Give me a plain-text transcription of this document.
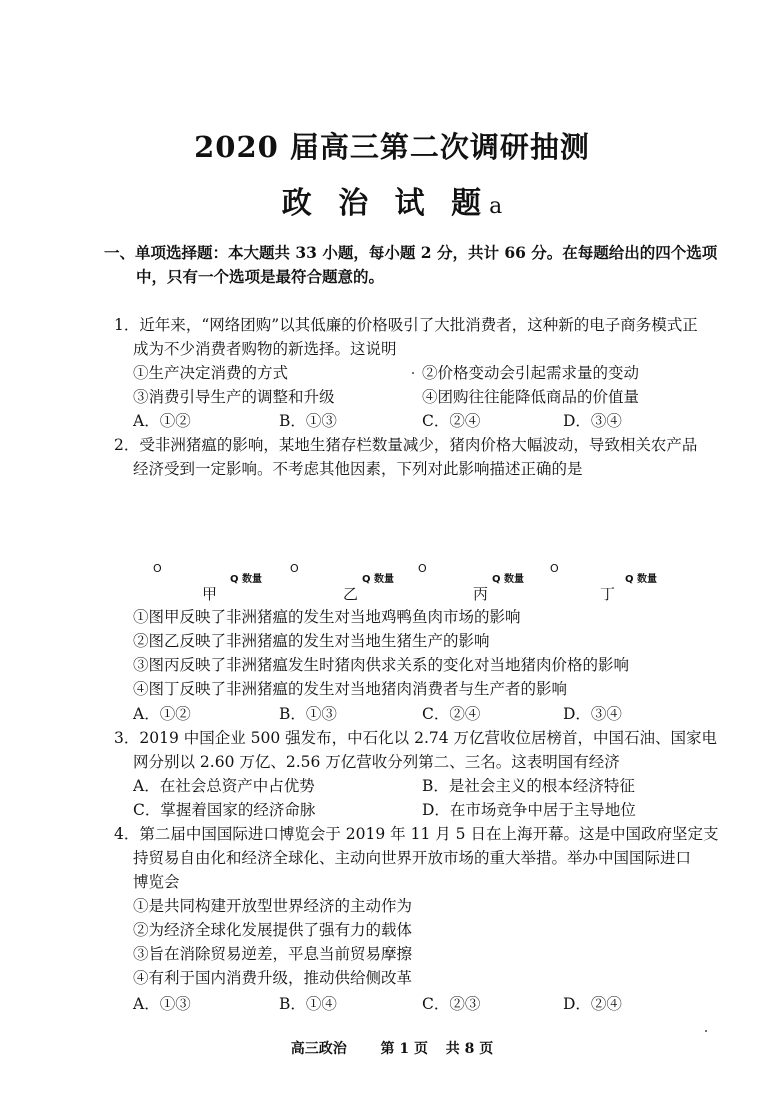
2020 届高三第二次调研抽测
政 治 试 题a
一、单项选择题：本大题共 33 小题，每小题 2 分，共计 66 分。在每题给出的四个选项
中，只有一个选项是最符合题意的。
1．近年来，“网络团购”以其低廉的价格吸引了大批消费者，这种新的电子商务模式正
成为不少消费者购物的新选择。这说明
①生产决定消费的方式	②价格变动会引起需求量的变动
③消费引导生产的调整和升级	④团购往往能降低商品的价值量
A．①②	B．①③	C．②④	D．③④
2．受非洲猪瘟的影响，某地生猪存栏数量减少，猪肉价格大幅波动，导致相关农产品
经济受到一定影响。不考虑其他因素，下列对此影响描述正确的是
O
甲
Q 数量
O
乙
Q 数量
O
丙
Q 数量
O
丁
Q 数量
①图甲反映了非洲猪瘟的发生对当地鸡鸭鱼肉市场的影响
②图乙反映了非洲猪瘟的发生对当地生猪生产的影响
③图丙反映了非洲猪瘟发生时猪肉供求关系的变化对当地猪肉价格的影响
④图丁反映了非洲猪瘟的发生对当地猪肉消费者与生产者的影响
A．①②	B．①③	C．②④	D．③④
3．2019 中国企业 500 强发布，中石化以 2.74 万亿营收位居榜首，中国石油、国家电
网分别以 2.60 万亿、2.56 万亿营收分列第二、三名。这表明国有经济
A．在社会总资产中占优势	B．是社会主义的根本经济特征
C．掌握着国家的经济命脉	D．在市场竞争中居于主导地位
4．第二届中国国际进口博览会于 2019 年 11 月 5 日在上海开幕。这是中国政府坚定支
持贸易自由化和经济全球化、主动向世界开放市场的重大举措。举办中国国际进口
博览会
①是共同构建开放型世界经济的主动作为
②为经济全球化发展提供了强有力的载体
③旨在消除贸易逆差，平息当前贸易摩擦
④有利于国内消费升级，推动供给侧改革
A．①③	B．①④	C．②③	D．②④
高三政治 第 1 页 共 8 页
